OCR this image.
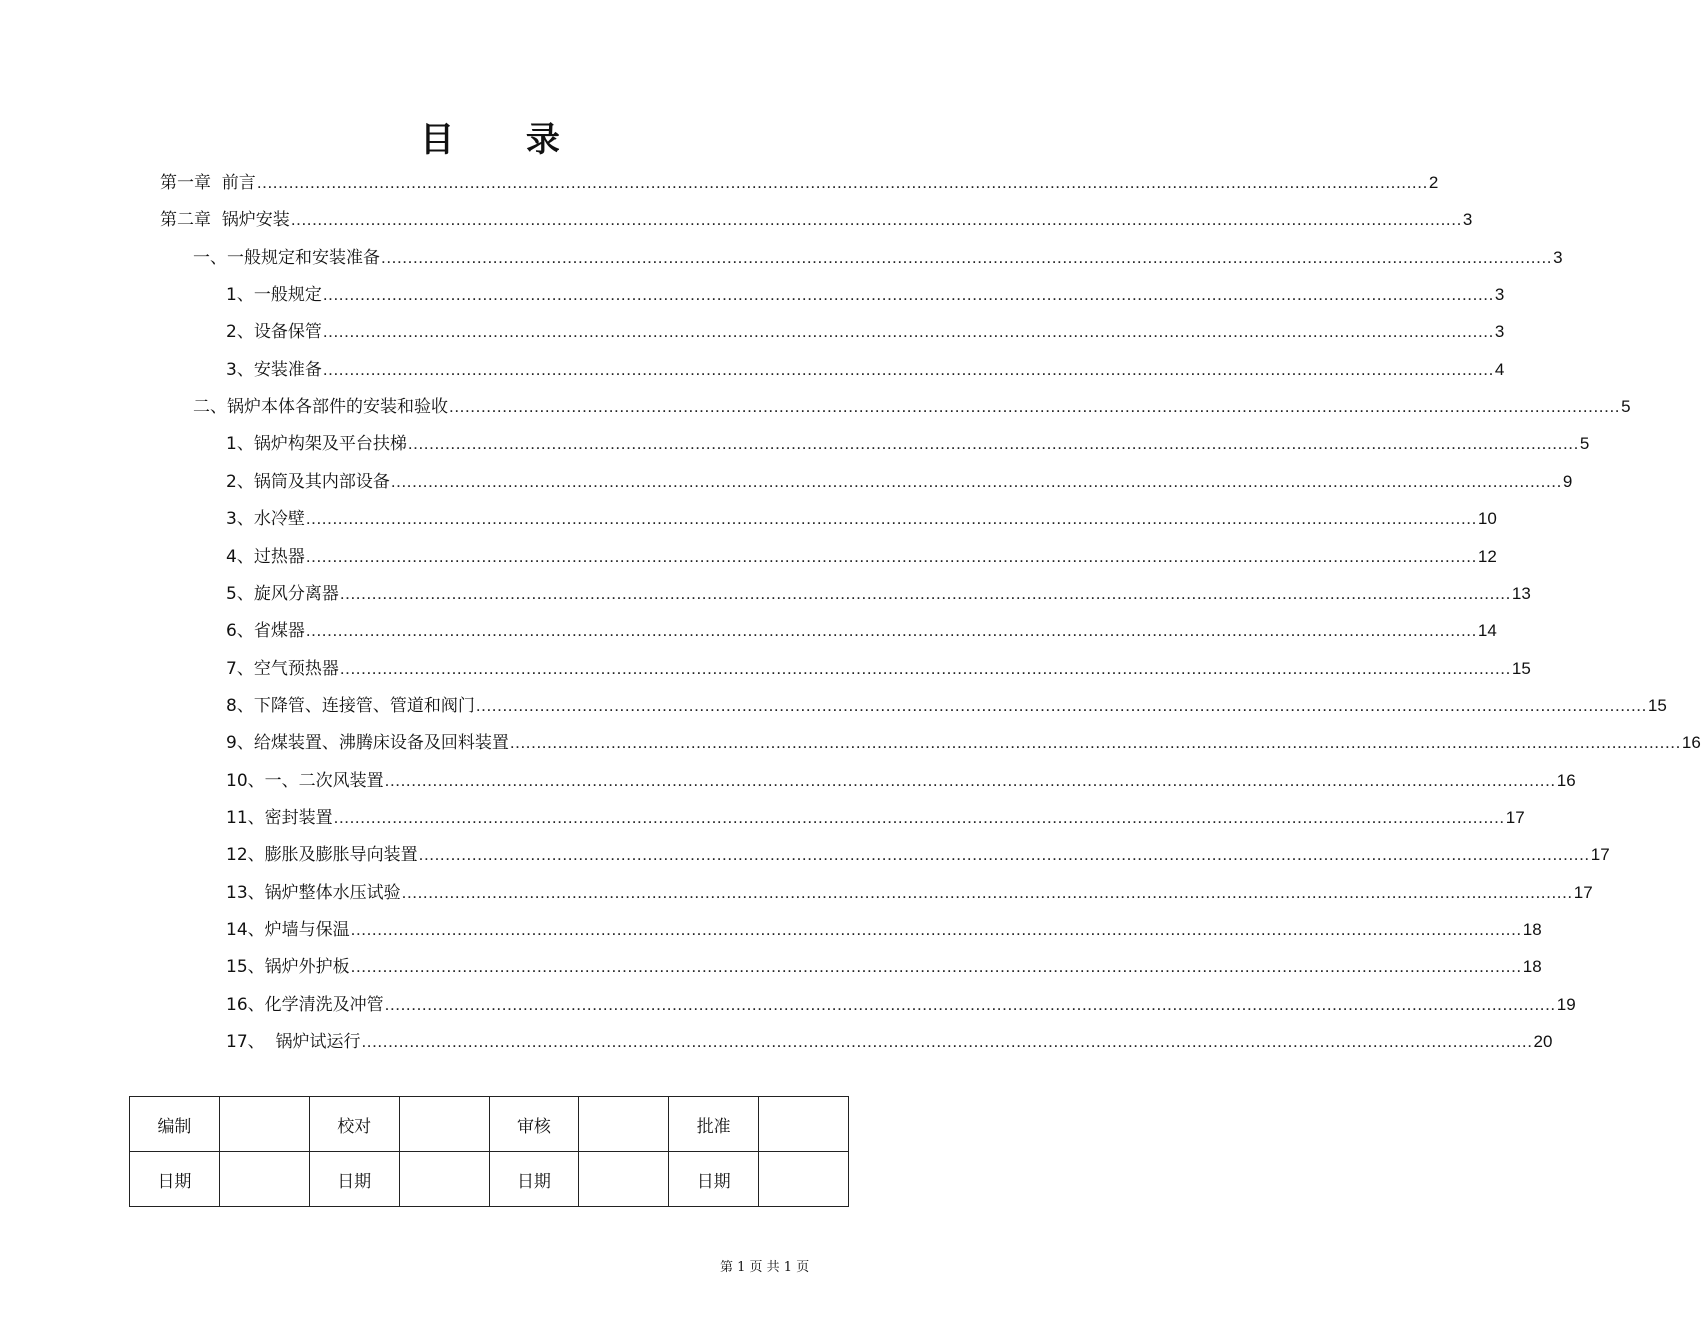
目 录
第一章  前言 ............................................................................................................................................................................................................................ 2
第二章  锅炉安装 ............................................................................................................................................................................................................................ 3
一、一般规定和安装准备 ............................................................................................................................................................................................................................ 3
1、一般规定 ............................................................................................................................................................................................................................ 3
2、设备保管 ............................................................................................................................................................................................................................ 3
3、安装准备 ............................................................................................................................................................................................................................ 4
二、锅炉本体各部件的安装和验收 ............................................................................................................................................................................................................................ 5
1、锅炉构架及平台扶梯 ............................................................................................................................................................................................................................ 5
2、锅筒及其内部设备 ............................................................................................................................................................................................................................ 9
3、水冷壁 ............................................................................................................................................................................................................................ 10
4、过热器 ............................................................................................................................................................................................................................ 12
5、旋风分离器 ............................................................................................................................................................................................................................ 13
6、省煤器 ............................................................................................................................................................................................................................ 14
7、空气预热器 ............................................................................................................................................................................................................................ 15
8、下降管、连接管、管道和阀门 ............................................................................................................................................................................................................................ 15
9、给煤装置、沸腾床设备及回料装置 ............................................................................................................................................................................................................................ 16
10、一、二次风装置 ............................................................................................................................................................................................................................ 16
11、密封装置 ............................................................................................................................................................................................................................ 17
12、膨胀及膨胀导向装置 ............................................................................................................................................................................................................................ 17
13、锅炉整体水压试验 ............................................................................................................................................................................................................................ 17
14、炉墙与保温 ............................................................................................................................................................................................................................ 18
15、锅炉外护板 ............................................................................................................................................................................................................................ 18
16、化学清洗及冲管 ............................................................................................................................................................................................................................ 19
17、  锅炉试运行 ............................................................................................................................................................................................................................ 20
编制		校对		审核		批准	
日期		日期		日期		日期	
第 1 页 共 1 页
